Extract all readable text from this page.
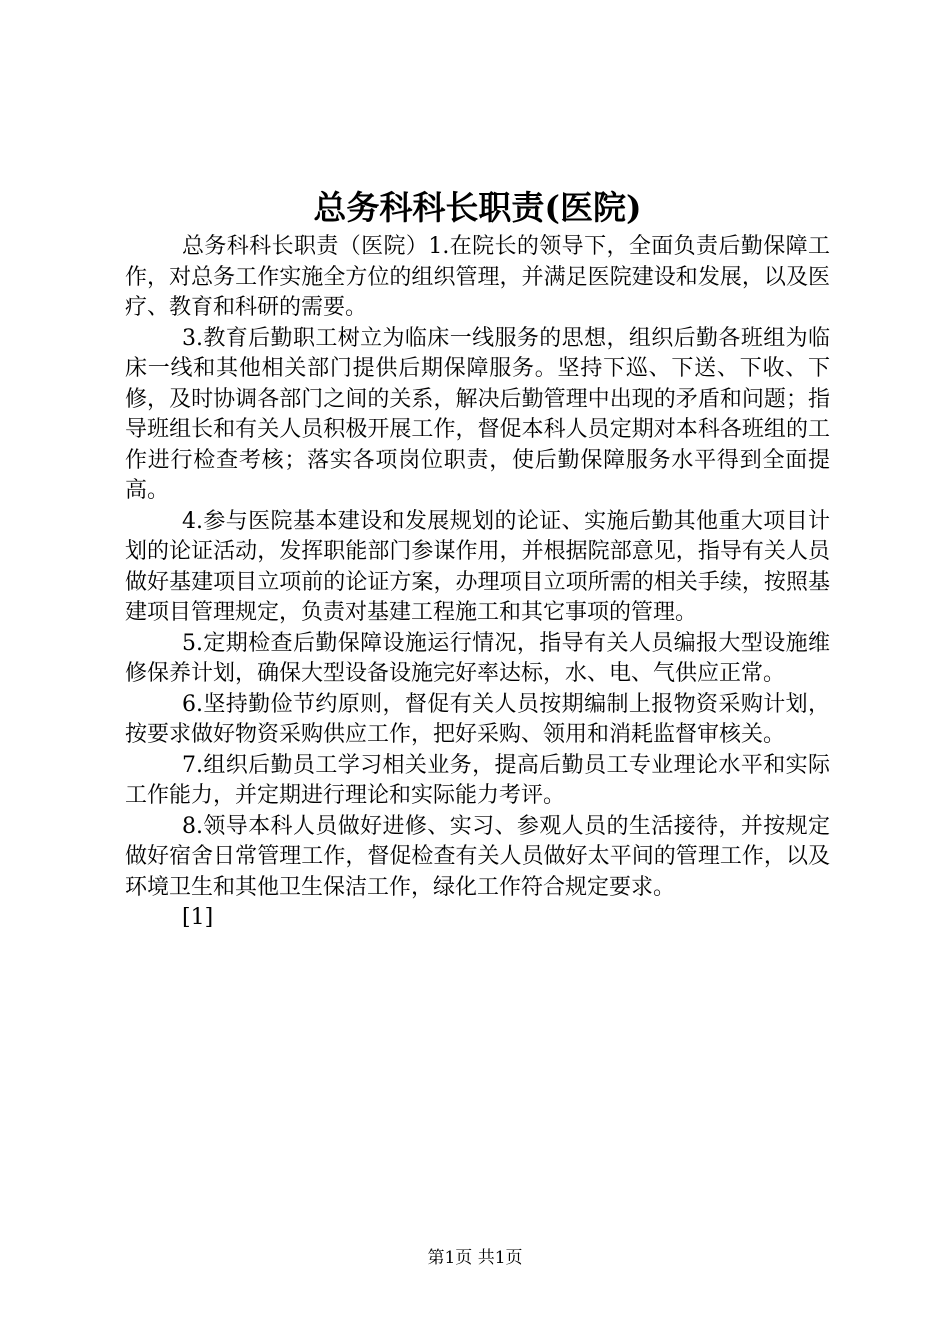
总务科科长职责(医院)

总务科科长职责（医院）1.在院长的领导下，全面负责后勤保障工作，对总务工作实施全方位的组织管理，并满足医院建设和发展，以及医疗、教育和科研的需要。

3.教育后勤职工树立为临床一线服务的思想，组织后勤各班组为临床一线和其他相关部门提供后期保障服务。坚持下巡、下送、下收、下修，及时协调各部门之间的关系，解决后勤管理中出现的矛盾和问题；指导班组长和有关人员积极开展工作，督促本科人员定期对本科各班组的工作进行检查考核；落实各项岗位职责，使后勤保障服务水平得到全面提高。

4.参与医院基本建设和发展规划的论证、实施后勤其他重大项目计划的论证活动，发挥职能部门参谋作用，并根据院部意见，指导有关人员做好基建项目立项前的论证方案，办理项目立项所需的相关手续，按照基建项目管理规定，负责对基建工程施工和其它事项的管理。

5.定期检查后勤保障设施运行情况，指导有关人员编报大型设施维修保养计划，确保大型设备设施完好率达标，水、电、气供应正常。

6.坚持勤俭节约原则，督促有关人员按期编制上报物资采购计划，按要求做好物资采购供应工作，把好采购、领用和消耗监督审核关。

7.组织后勤员工学习相关业务，提高后勤员工专业理论水平和实际工作能力，并定期进行理论和实际能力考评。

8.领导本科人员做好进修、实习、参观人员的生活接待，并按规定做好宿舍日常管理工作，督促检查有关人员做好太平间的管理工作，以及环境卫生和其他卫生保洁工作，绿化工作符合规定要求。

[1]

第1页 共1页
